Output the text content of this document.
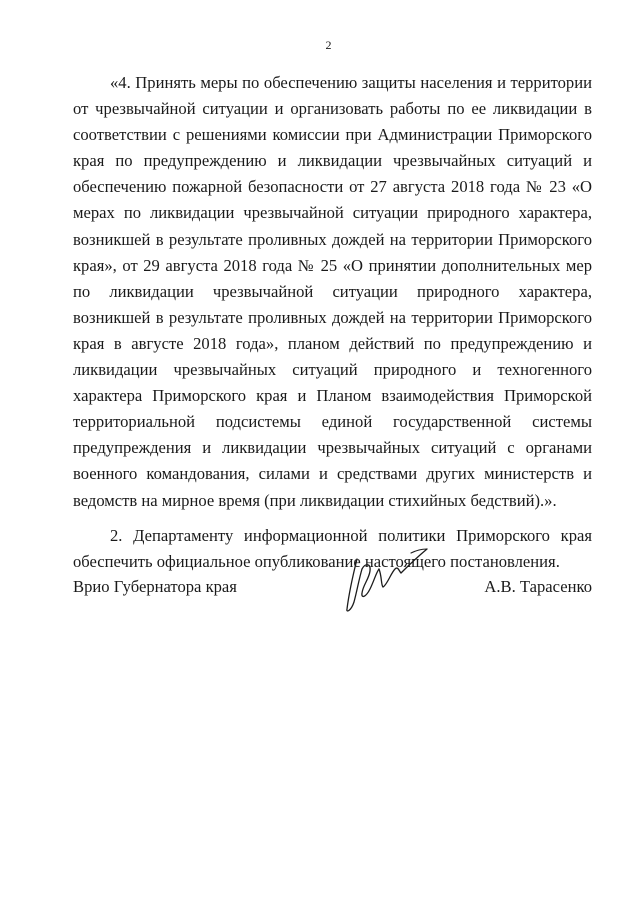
2

«4. Принять меры по обеспечению защиты населения и территории от чрезвычайной ситуации и организовать работы по ее ликвидации в соответствии с решениями комиссии при Администрации Приморского края по предупреждению и ликвидации чрезвычайных ситуаций и обеспечению пожарной безопасности от 27 августа 2018 года № 23 «О мерах по ликвидации чрезвычайной ситуации природного характера, возникшей в результате проливных дождей на территории Приморского края», от 29 августа 2018 года № 25 «О принятии дополнительных мер по ликвидации чрезвычайной ситуации природного характера, возникшей в результате проливных дождей на территории Приморского края в августе 2018 года», планом действий по предупреждению и ликвидации чрезвычайных ситуаций природного и техногенного характера Приморского края и Планом взаимодействия Приморской территориальной подсистемы единой государственной системы предупреждения и ликвидации чрезвычайных ситуаций с органами военного командования, силами и средствами других министерств и ведомств на мирное время (при ликвидации стихийных бедствий).».

2. Департаменту информационной политики Приморского края обеспечить официальное опубликование настоящего постановления.

Врио Губернатора края	А.В. Тарасенко
